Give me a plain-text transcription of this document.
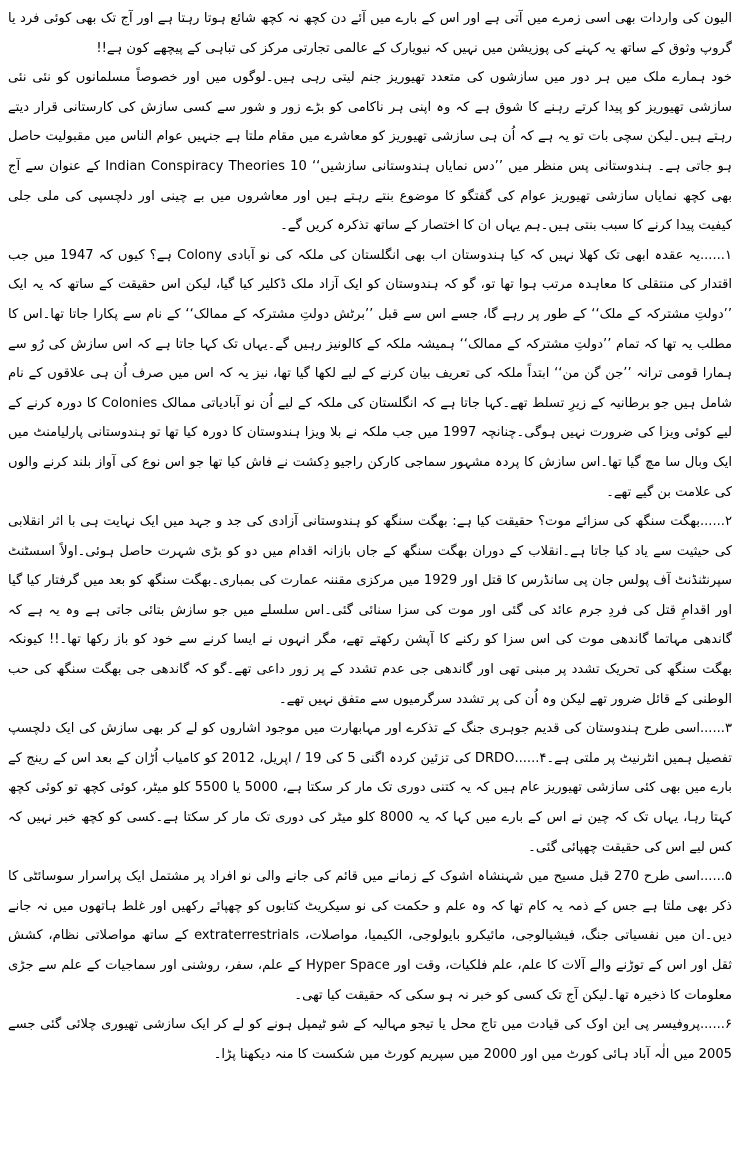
الیون کی واردات بھی اسی زمرے میں آتی ہے اور اس کے بارے میں آئے دن کچھ نہ کچھ شائع ہوتا رہتا ہے اور آج تک بھی کوئی فرد یا گروپ وثوق کے ساتھ یہ کہنے کی پوزیشن میں نہیں کہ نیویارک کے عالمی تجارتی مرکز کی تباہی کے پیچھے کون ہے!!

خود ہمارے ملک میں ہر دور میں سازشوں کی متعدد تھیوریز جنم لیتی رہی ہیں۔لوگوں میں اور خصوصاً مسلمانوں کو نئی نئی سازشی تھیوریز کو پیدا کرتے رہنے کا شوق ہے کہ وہ اپنی ہر ناکامی کو بڑے زور و شور سے کسی سازش کی کارستانی قرار دیتے رہتے ہیں۔لیکن سچی بات تو یہ ہے کہ اُن ہی سازشی تھیوریز کو معاشرے میں مقام ملتا ہے جنہیں عوام الناس میں مقبولیت حاصل ہو جاتی ہے۔ ہندوستانی پس منظر میں ’’دس نمایاں ہندوستانی سازشیں‘‘ 10 Indian Conspiracy Theories کے عنوان سے آج بھی کچھ نمایاں سازشی تھیوریز عوام کی گفتگو کا موضوع بنتے رہتے ہیں اور معاشروں میں بے چینی اور دلچسپی کی ملی جلی کیفیت پیدا کرنے کا سبب بنتی ہیں۔ہم یہاں ان کا اختصار کے ساتھ تذکرہ کریں گے۔

۱......یہ عقدہ ابھی تک کھلا نہیں کہ کیا ہندوستان اب بھی انگلستان کی ملکہ کی نو آبادی Colony ہے؟ کیوں کہ 1947 میں جب اقتدار کی منتقلی کا معاہدہ مرتب ہوا تھا تو، گو کہ ہندوستان کو ایک آزاد ملک ڈکلیر کیا گیا، لیکن اس حقیقت کے ساتھ کہ یہ ایک ’’دولتِ مشترکہ کے ملک‘‘ کے طور پر رہے گا، جسے اس سے قبل ’’برٹش دولتِ مشترکہ کے ممالک‘‘ کے نام سے پکارا جاتا تھا۔اس کا مطلب یہ تھا کہ تمام ’’دولتِ مشترکہ کے ممالک‘‘ ہمیشہ ملکہ کے کالونیز رہیں گے۔یہاں تک کہا جاتا ہے کہ اس سازش کی رُو سے ہمارا قومی ترانہ ’’جن گن من‘‘ ابتداً ملکہ کی تعریف بیان کرنے کے لیے لکھا گیا تھا، نیز یہ کہ اس میں صرف اُن ہی علاقوں کے نام شامل ہیں جو برطانیہ کے زیرِ تسلط تھے۔کہا جاتا ہے کہ انگلستان کی ملکہ کے لیے اُن نو آبادیاتی ممالک Colonies کا دورہ کرنے کے لیے کوئی ویزا کی ضرورت نہیں ہوگی۔چنانچہ 1997 میں جب ملکہ نے بلا ویزا ہندوستان کا دورہ کیا تھا تو ہندوستانی پارلیامنٹ میں ایک وبال سا مچ گیا تھا۔اس سازش کا پردہ مشہور سماجی کارکن راجیو دِکشت نے فاش کیا تھا جو اس نوع کی آواز بلند کرنے والوں کی علامت بن گیے تھے۔

۲......بھگت سنگھ کی سزائے موت؟ حقیقت کیا ہے: بھگت سنگھ کو ہندوستانی آزادی کی جد و جہد میں ایک نہایت ہی با اثر انقلابی کی حیثیت سے یاد کیا جاتا ہے۔انقلاب کے دوران بھگت سنگھ کے جاں بازانہ اقدام میں دو کو بڑی شہرت حاصل ہوئی۔اولاً اسسٹنٹ سپرنٹنڈنٹ آف پولس جان پی سانڈرس کا قتل اور 1929 میں مرکزی مقننہ عمارت کی بمباری۔بھگت سنگھ کو بعد میں گرفتار کیا گیا اور اقدامِ قتل کی فردِ جرم عائد کی گئی اور موت کی سزا سنائی گئی۔اس سلسلے میں جو سازش بتائی جاتی ہے وہ یہ ہے کہ گاندھی مہاتما گاندھی موت کی اس سزا کو رکنے کا آپشن رکھتے تھے، مگر انہوں نے ایسا کرنے سے خود کو باز رکھا تھا۔!! کیونکہ بھگت سنگھ کی تحریک تشدد پر مبنی تھی اور گاندھی جی عدم تشدد کے پر زور داعی تھے۔گو کہ گاندھی جی بھگت سنگھ کی حب الوطنی کے قائل ضرور تھے لیکن وہ اُن کی پر تشدد سرگرمیوں سے متفق نہیں تھے۔

۳......اسی طرح ہندوستان کی قدیم جوہری جنگ کے تذکرے اور مہابھارت میں موجود اشاروں کو لے کر بھی سازش کی ایک دلچسپ تفصیل ہمیں انٹرنیٹ پر ملتی ہے۔۴......DRDO کی تزئین کردہ اگنی 5 کی 19 / اپریل، 2012 کو کامیاب اُڑان کے بعد اس کے رینج کے بارے میں بھی کئی سازشی تھیوریز عام ہیں کہ یہ کتنی دوری تک مار کر سکتا ہے، 5000 یا 5500 کلو میٹر، کوئی کچھ تو کوئی کچھ کہتا رہا، یہاں تک کہ چین نے اس کے بارے میں کہا کہ یہ 8000 کلو میٹر کی دوری تک مار کر سکتا ہے۔کسی کو کچھ خبر نہیں کہ کس لیے اس کی حقیقت چھپائی گئی۔

۵......اسی طرح 270 قبل مسیح میں شہنشاہ اشوک کے زمانے میں قائم کی جانے والی نو افراد پر مشتمل ایک پراسرار سوسائٹی کا ذکر بھی ملتا ہے جس کے ذمہ یہ کام تھا کہ وہ علم و حکمت کی نو سیکریٹ کتابوں کو چھپائے رکھیں اور غلط ہاتھوں میں نہ جانے دیں۔ان میں نفسیاتی جنگ، فیشیالوجی، مائیکرو بایولوجی، الکیمیا، مواصلات، extraterrestrials کے ساتھ مواصلاتی نظام، کشش ثقل اور اس کے توڑنے والے آلات کا علم، علم فلکیات، وقت اور Hyper Space کے علم، سفر، روشنی اور سماجیات کے علم سے جڑی معلومات کا ذخیرہ تھا۔لیکن آج تک کسی کو خبر نہ ہو سکی کہ حقیقت کیا تھی۔

۶......پروفیسر پی این اوک کی قیادت میں تاج محل یا تیجو مہالیہ کے شو ٹیمپل ہونے کو لے کر ایک سازشی تھیوری چلائی گئی جسے 2005 میں الٰہ آباد ہائی کورٹ میں اور 2000 میں سپریم کورٹ میں شکست کا منہ دیکھنا پڑا۔
